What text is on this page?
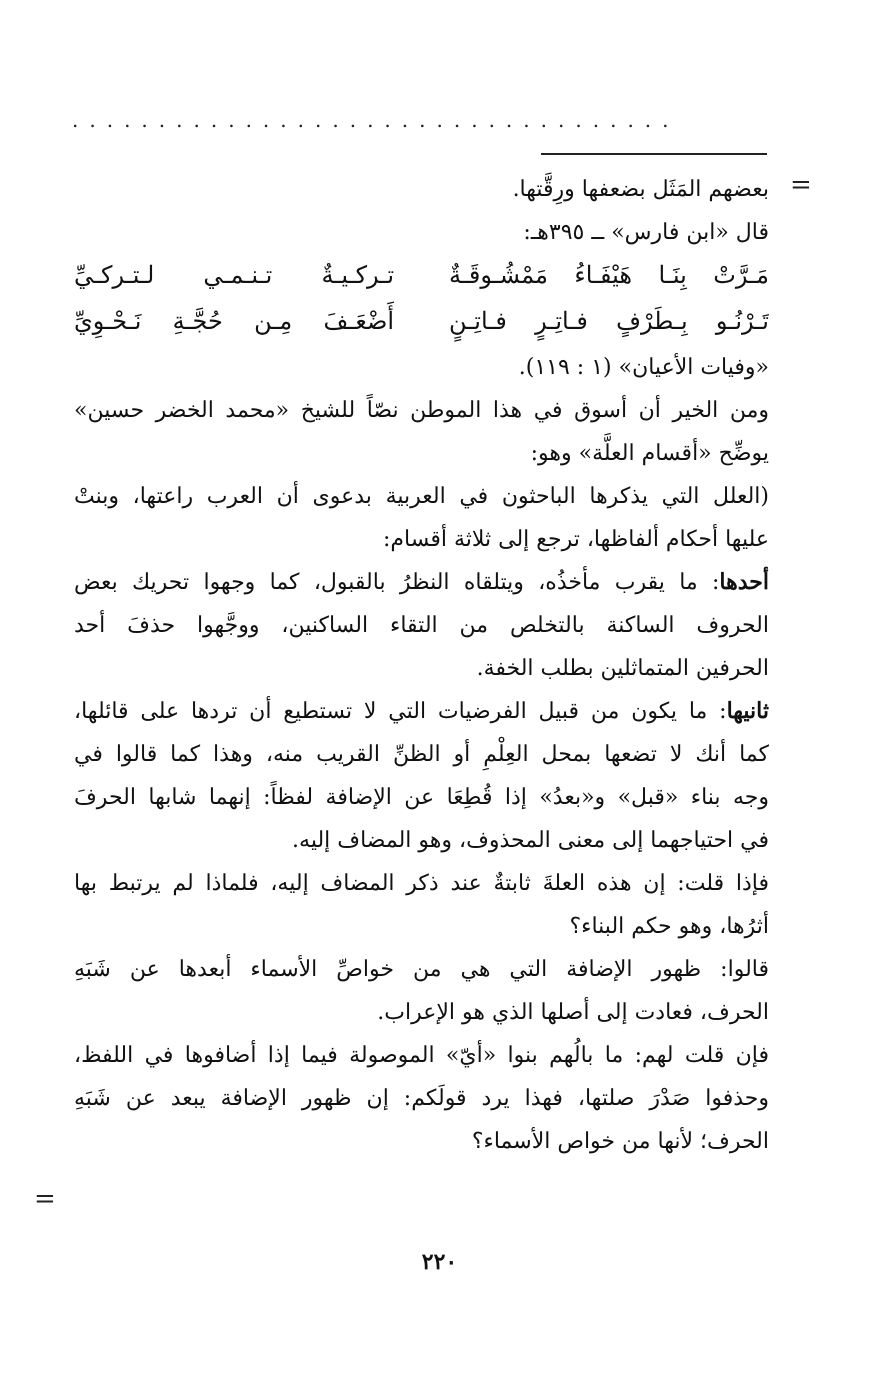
...................................
=
=
بعضهم المَثَل بضعفها ورِقَّتها.
قال «ابن فارس» ــ ٣٩٥هـ:
مَـرَّتْ بِنَـا هَيْفَـاءُ مَمْشُـوقَـةٌ
تـركـيـةٌ تـنـمـي لـتـركـيِّ
تَـرْنُـو بِـطَرْفٍ فـاتِـرٍ فـاتِـنٍ
أَضْعَـفَ مِـن حُجَّـةِ نَـحْـوِيِّ
«وفيات الأعيان» (١ : ١١٩).
ومن الخير أن أسوق في هذا الموطن نصّاً للشيخ «محمد الخضر حسين»
يوضِّح «أقسام العلَّة» وهو:
(العلل التي يذكرها الباحثون في العربية بدعوى أن العرب راعتها، وبنتْ
عليها أحكام ألفاظها، ترجع إلى ثلاثة أقسام:
أحدها: ما يقرب مأخذُه، ويتلقاه النظرُ بالقبول، كما وجهوا تحريك بعض
الحروف الساكنة بالتخلص من التقاء الساكنين، ووجَّهوا حذفَ أحد
الحرفين المتماثلين بطلب الخفة.
ثانيها: ما يكون من قبيل الفرضيات التي لا تستطيع أن تردها على قائلها،
كما أنك لا تضعها بمحل العِلْمِ أو الظنِّ القريب منه، وهذا كما قالوا في
وجه بناء «قبل» و«بعدُ» إذا قُطِعَا عن الإضافة لفظاً: إنهما شابها الحرفَ
في احتياجهما إلى معنى المحذوف، وهو المضاف إليه.
فإذا قلت: إن هذه العلةَ ثابتةٌ عند ذكر المضاف إليه، فلماذا لم يرتبط بها
أثرُها، وهو حكم البناء؟
قالوا: ظهور الإضافة التي هي من خواصِّ الأسماء أبعدها عن شَبَهِ
الحرف، فعادت إلى أصلها الذي هو الإعراب.
فإن قلت لهم: ما بالُهم بنوا «أيّ» الموصولة فيما إذا أضافوها في اللفظ،
وحذفوا صَدْرَ صلتها، فهذا يرد قولَكم: إن ظهور الإضافة يبعد عن شَبَهِ
الحرف؛ لأنها من خواص الأسماء؟
٢٢٠
